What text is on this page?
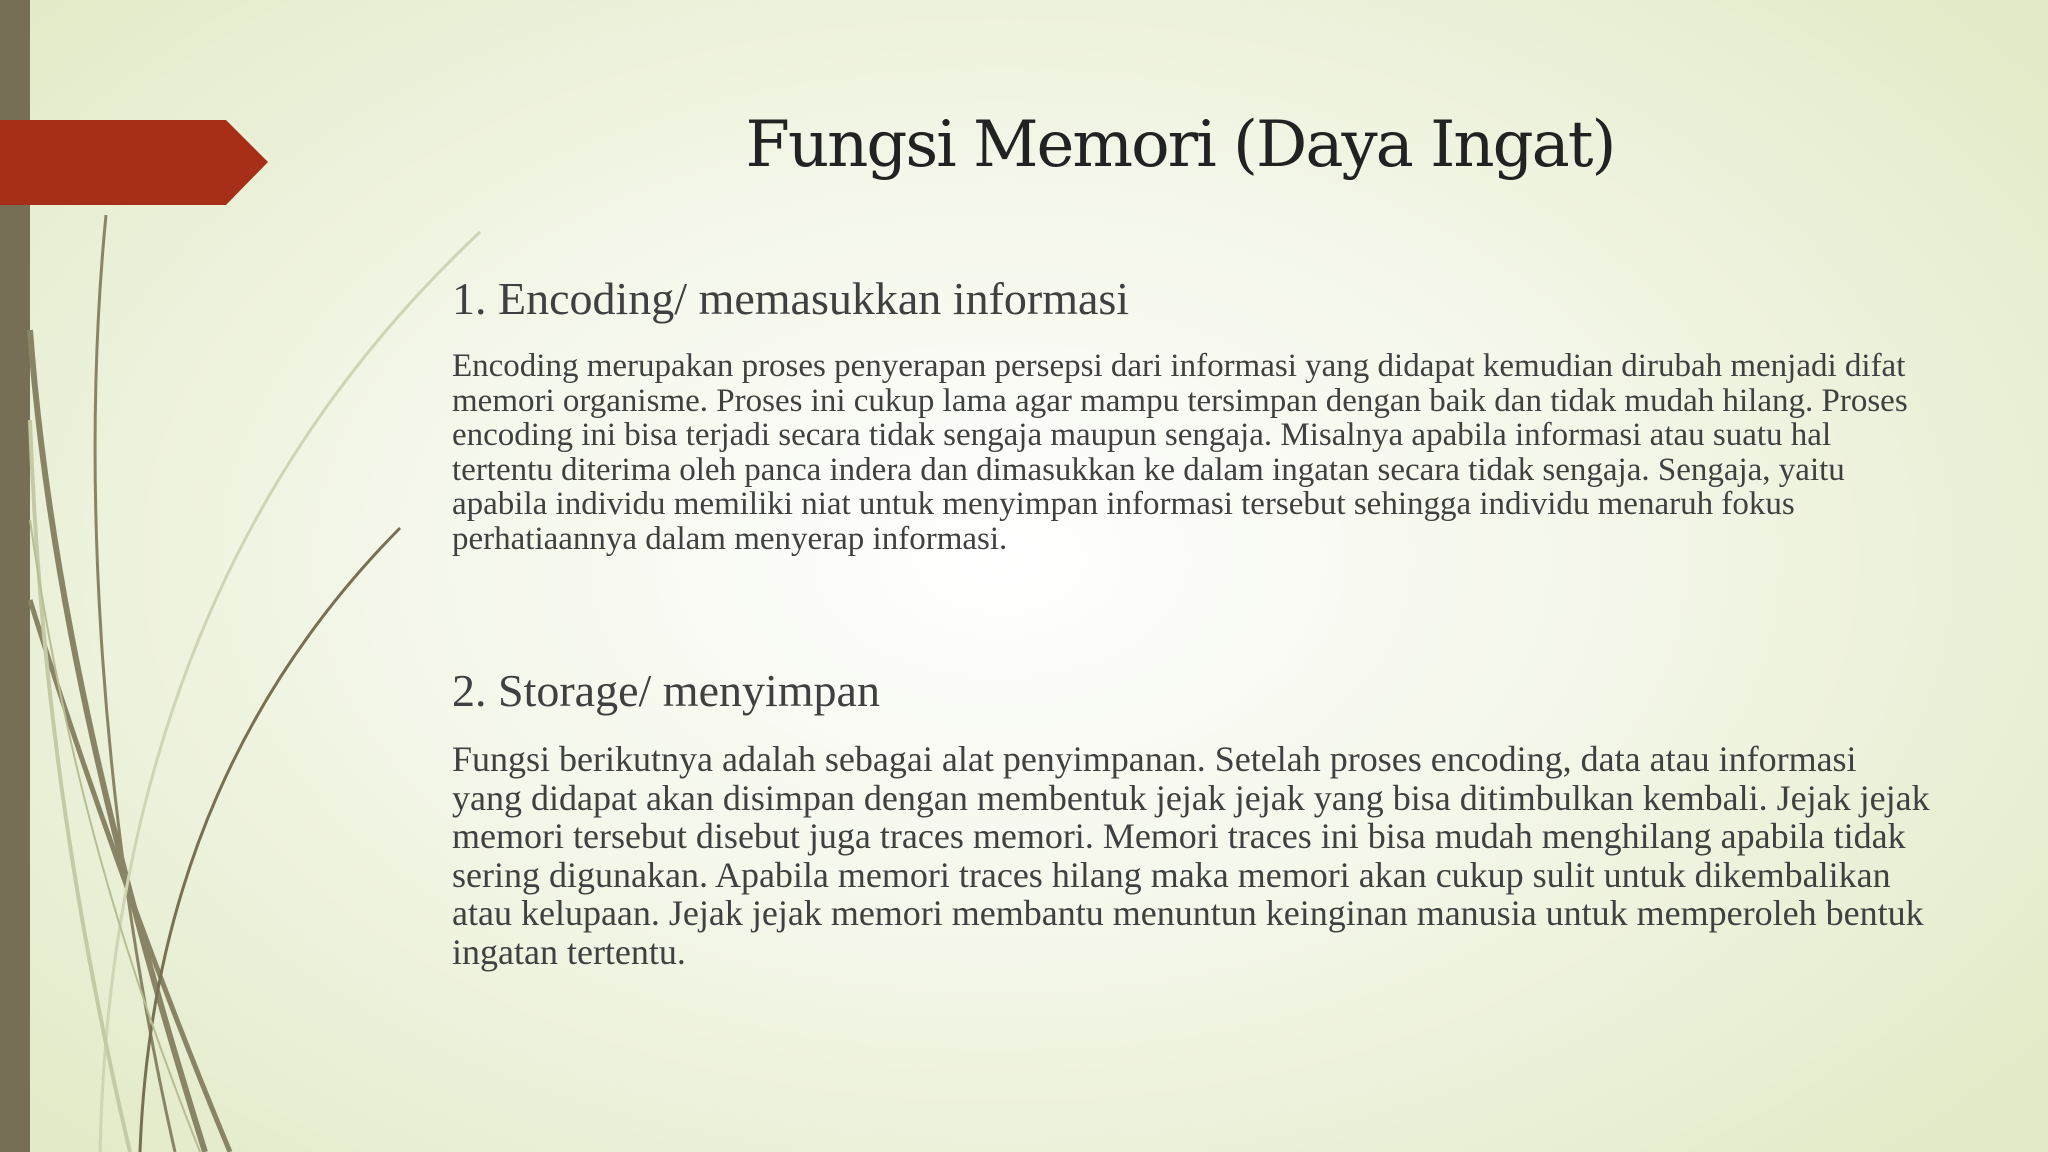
Fungsi Memori (Daya Ingat)
1. Encoding/ memasukkan informasi

Encoding merupakan proses penyerapan persepsi dari informasi yang didapat kemudian dirubah menjadi difat memori organisme. Proses ini cukup lama agar mampu tersimpan dengan baik dan tidak mudah hilang. Proses encoding ini bisa terjadi secara tidak sengaja maupun sengaja. Misalnya apabila informasi atau suatu hal tertentu diterima oleh panca indera dan dimasukkan ke dalam ingatan secara tidak sengaja. Sengaja, yaitu apabila individu memiliki niat untuk menyimpan informasi tersebut sehingga individu menaruh fokus perhatiaannya dalam menyerap informasi.

2. Storage/ menyimpan

Fungsi berikutnya adalah sebagai alat penyimpanan. Setelah proses encoding, data atau informasi yang didapat akan disimpan dengan membentuk jejak jejak yang bisa ditimbulkan kembali. Jejak jejak memori tersebut disebut juga traces memori. Memori traces ini bisa mudah menghilang apabila tidak sering digunakan. Apabila memori traces hilang maka memori akan cukup sulit untuk dikembalikan atau kelupaan. Jejak jejak memori membantu menuntun keinginan manusia untuk memperoleh bentuk ingatan tertentu.
